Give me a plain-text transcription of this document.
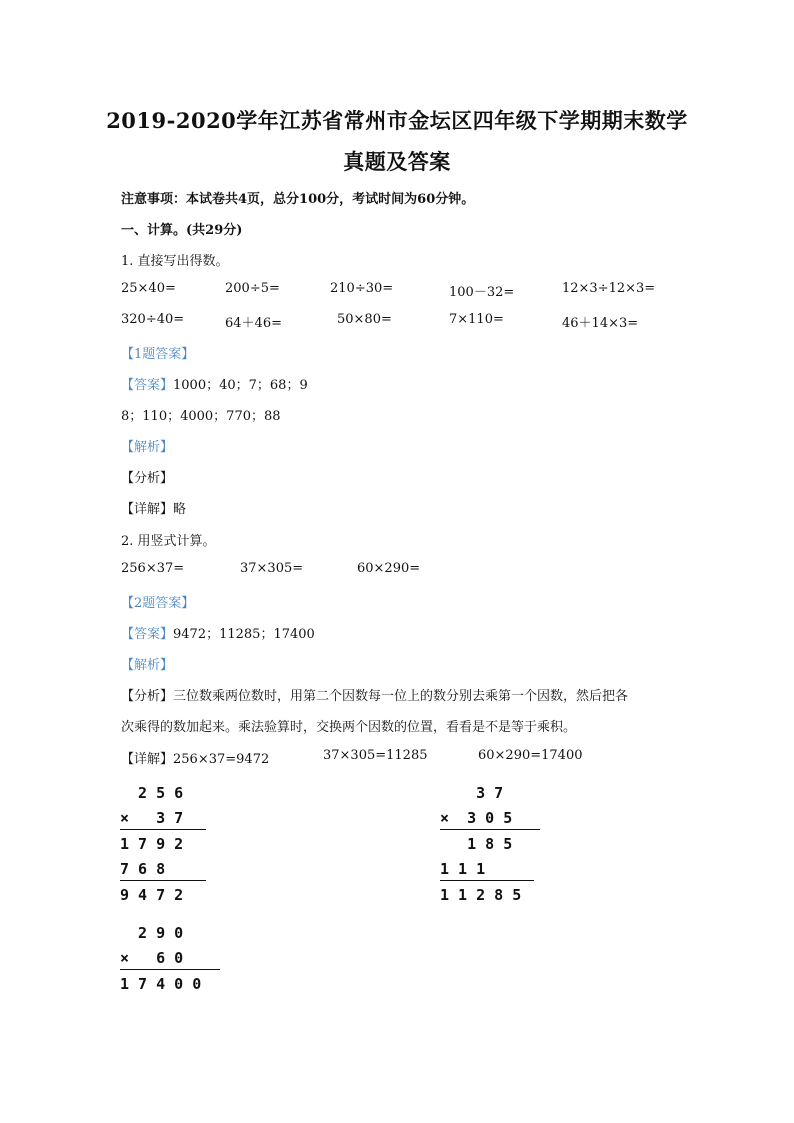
2019-2020学年江苏省常州市金坛区四年级下学期期末数学
真题及答案
注意事项：本试卷共4页，总分100分，考试时间为60分钟。
一、计算。(共29分)
1. 直接写出得数。
25×40=	200÷5=	210÷30=	100－32=	12×3÷12×3=
320÷40=	64＋46=	50×80=	7×110=	46＋14×3=
【1题答案】
【答案】1000；40；7；68；9
8；110；4000；770；88
【解析】
【分析】
【详解】略
2. 用竖式计算。
256×37=	37×305=	60×290=
【2题答案】
【答案】9472；11285；17400
【解析】
【分析】三位数乘两位数时，用第二个因数每一位上的数分别去乘第一个因数，然后把各
次乘得的数加起来。乘法验算时，交换两个因数的位置，看看是不是等于乘积。
【详解】256×37=9472	37×305=11285	60×290=17400
2 5 6
×   3 7
1 7 9 2
7 6 8
9 4 7 2
3 7
×  3 0 5
1 8 5
1 1 1
1 1 2 8 5
2 9 0
×   6 0
1 7 4 0 0
